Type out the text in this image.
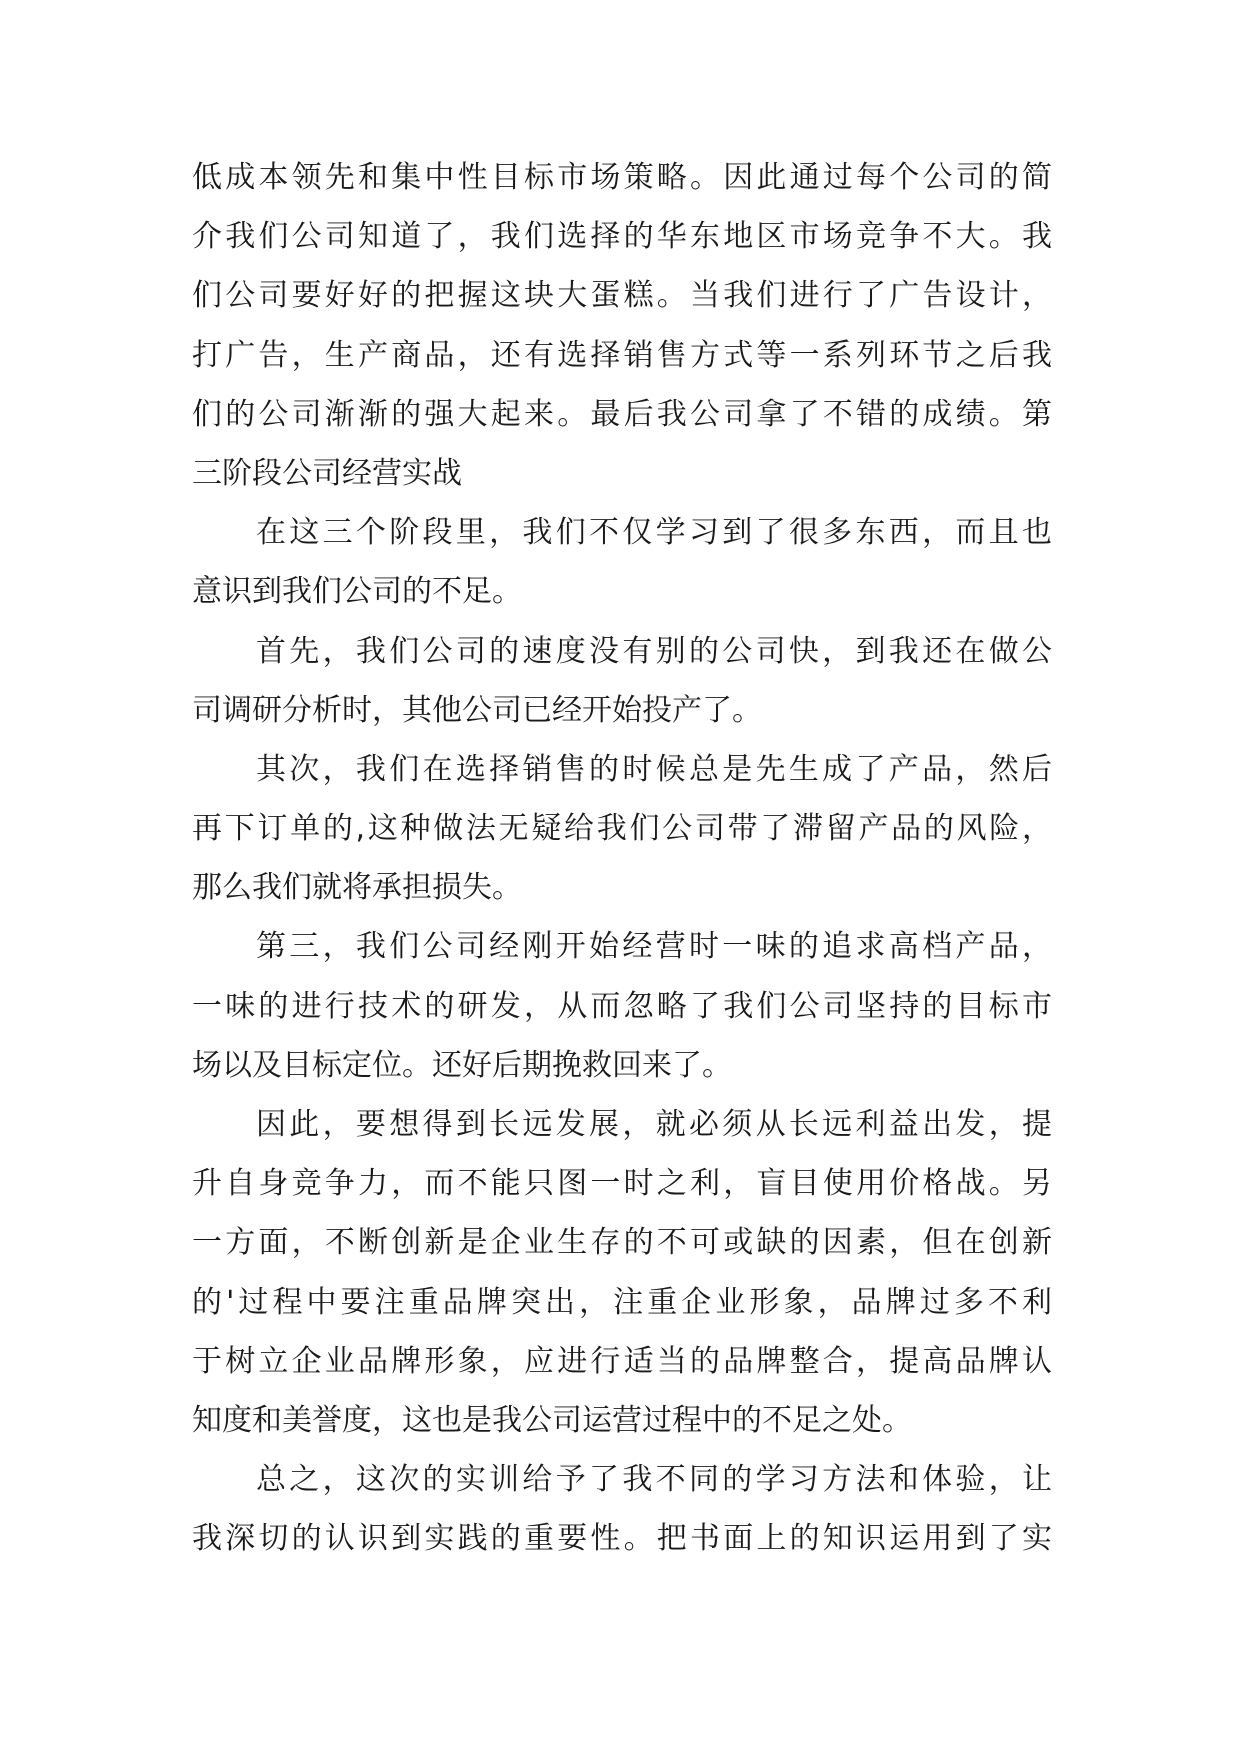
低成本领先和集中性目标市场策略。因此通过每个公司的简
介我们公司知道了，我们选择的华东地区市场竞争不大。我
们公司要好好的把握这块大蛋糕。当我们进行了广告设计，
打广告，生产商品，还有选择销售方式等一系列环节之后我
们的公司渐渐的强大起来。最后我公司拿了不错的成绩。第
三阶段公司经营实战

在这三个阶段里，我们不仅学习到了很多东西，而且也
意识到我们公司的不足。

首先，我们公司的速度没有别的公司快，到我还在做公
司调研分析时，其他公司已经开始投产了。

其次，我们在选择销售的时候总是先生成了产品，然后
再下订单的,这种做法无疑给我们公司带了滞留产品的风险，
那么我们就将承担损失。

第三，我们公司经刚开始经营时一味的追求高档产品，
一味的进行技术的研发，从而忽略了我们公司坚持的目标市
场以及目标定位。还好后期挽救回来了。

因此，要想得到长远发展，就必须从长远利益出发，提
升自身竞争力，而不能只图一时之利，盲目使用价格战。另
一方面，不断创新是企业生存的不可或缺的因素，但在创新
的'过程中要注重品牌突出，注重企业形象，品牌过多不利
于树立企业品牌形象，应进行适当的品牌整合，提高品牌认
知度和美誉度，这也是我公司运营过程中的不足之处。

总之，这次的实训给予了我不同的学习方法和体验，让
我深切的认识到实践的重要性。把书面上的知识运用到了实
